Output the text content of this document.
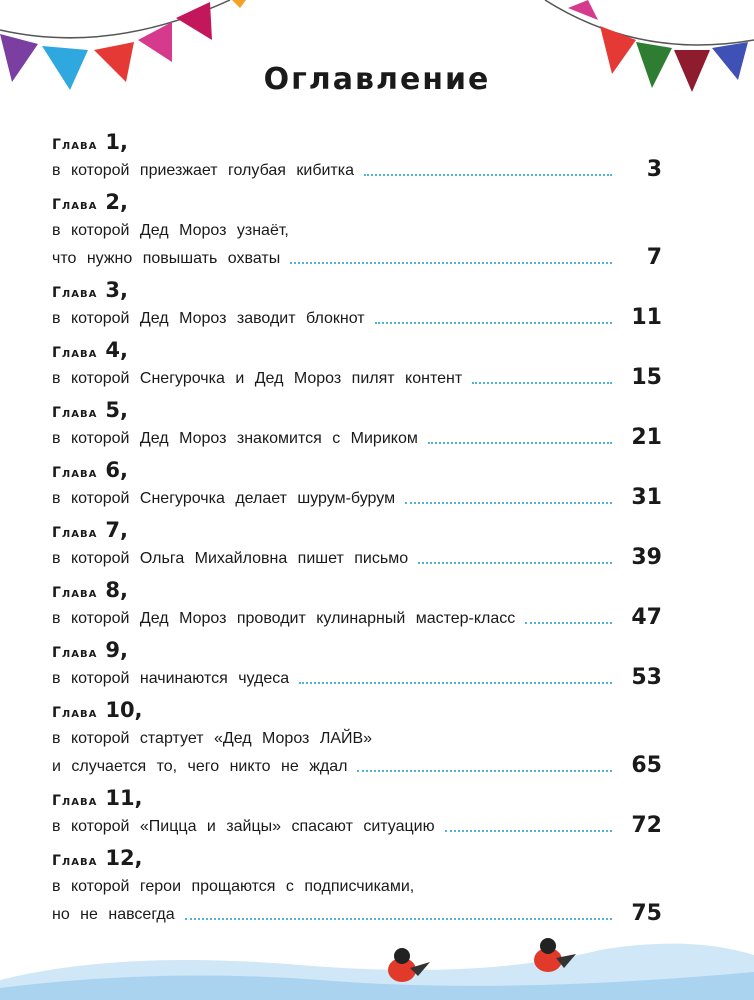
Оглавление
Глава 1,
в которой приезжает голубая кибитка	3
Глава 2,
в которой Дед Мороз узнаёт,
что нужно повышать охваты	7
Глава 3,
в которой Дед Мороз заводит блокнот	11
Глава 4,
в которой Снегурочка и Дед Мороз пилят контент	15
Глава 5,
в которой Дед Мороз знакомится с Мириком	21
Глава 6,
в которой Снегурочка делает шурум-бурум	31
Глава 7,
в которой Ольга Михайловна пишет письмо	39
Глава 8,
в которой Дед Мороз проводит кулинарный мастер-класс	47
Глава 9,
в которой начинаются чудеса	53
Глава 10,
в которой стартует «Дед Мороз ЛАЙВ»
и случается то, чего никто не ждал	65
Глава 11,
в которой «Пицца и зайцы» спасают ситуацию	72
Глава 12,
в которой герои прощаются с подписчиками,
но не навсегда	75
